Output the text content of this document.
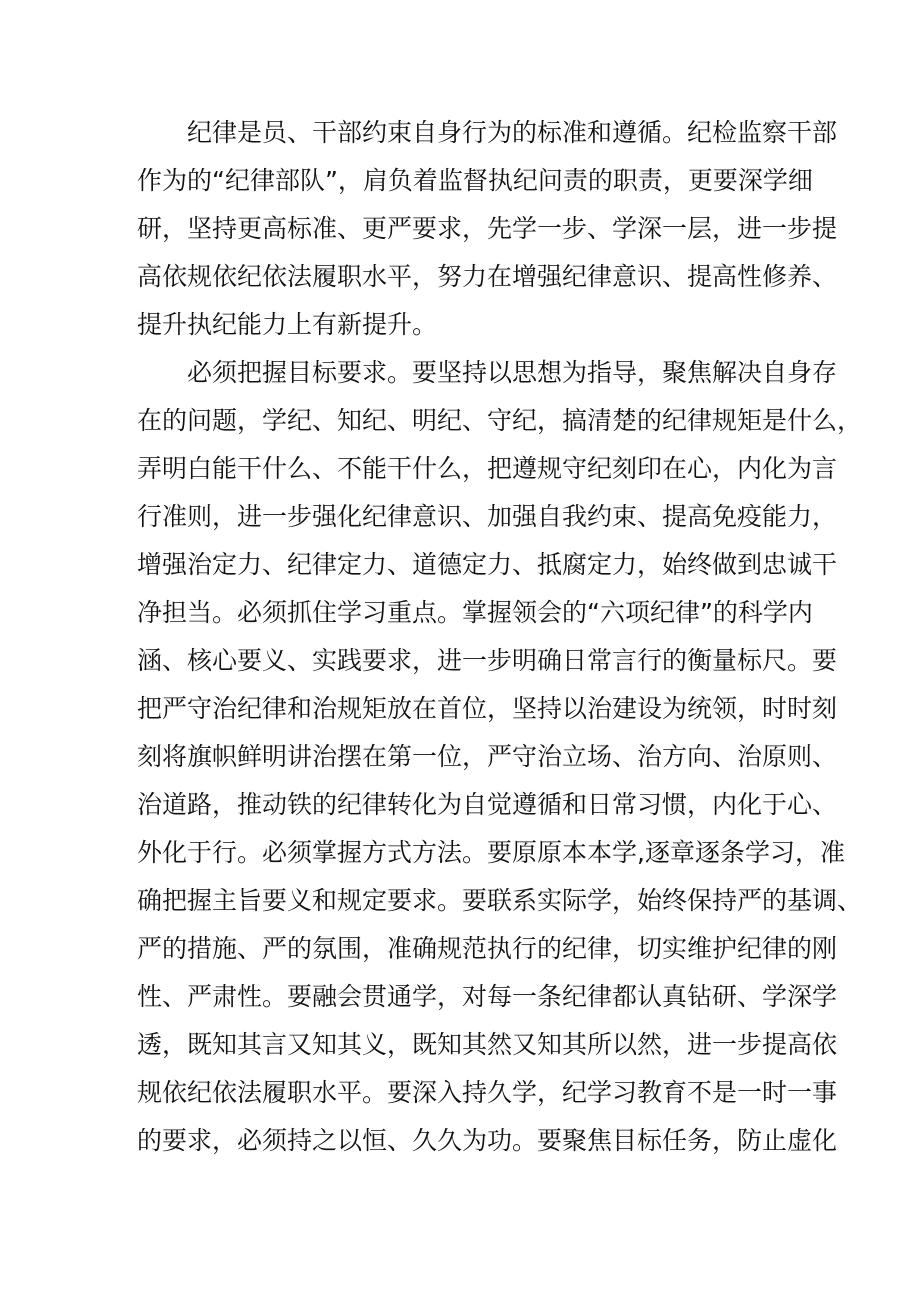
纪律是员、干部约束自身行为的标准和遵循。纪检监察干部
作为的“纪律部队”，肩负着监督执纪问责的职责，更要深学细
研，坚持更高标准、更严要求，先学一步、学深一层，进一步提
高依规依纪依法履职水平，努力在增强纪律意识、提高性修养、
提升执纪能力上有新提升。
必须把握目标要求。要坚持以思想为指导，聚焦解决自身存
在的问题，学纪、知纪、明纪、守纪，搞清楚的纪律规矩是什么，
弄明白能干什么、不能干什么，把遵规守纪刻印在心，内化为言
行准则，进一步强化纪律意识、加强自我约束、提高免疫能力，
增强治定力、纪律定力、道德定力、抵腐定力，始终做到忠诚干
净担当。必须抓住学习重点。掌握领会的“六项纪律”的科学内
涵、核心要义、实践要求，进一步明确日常言行的衡量标尺。要
把严守治纪律和治规矩放在首位，坚持以治建设为统领，时时刻
刻将旗帜鲜明讲治摆在第一位，严守治立场、治方向、治原则、
治道路，推动铁的纪律转化为自觉遵循和日常习惯，内化于心、
外化于行。必须掌握方式方法。要原原本本学,逐章逐条学习，准
确把握主旨要义和规定要求。要联系实际学，始终保持严的基调、
严的措施、严的氛围，准确规范执行的纪律，切实维护纪律的刚
性、严肃性。要融会贯通学，对每一条纪律都认真钻研、学深学
透，既知其言又知其义，既知其然又知其所以然，进一步提高依
规依纪依法履职水平。要深入持久学，纪学习教育不是一时一事
的要求，必须持之以恒、久久为功。要聚焦目标任务，防止虚化
